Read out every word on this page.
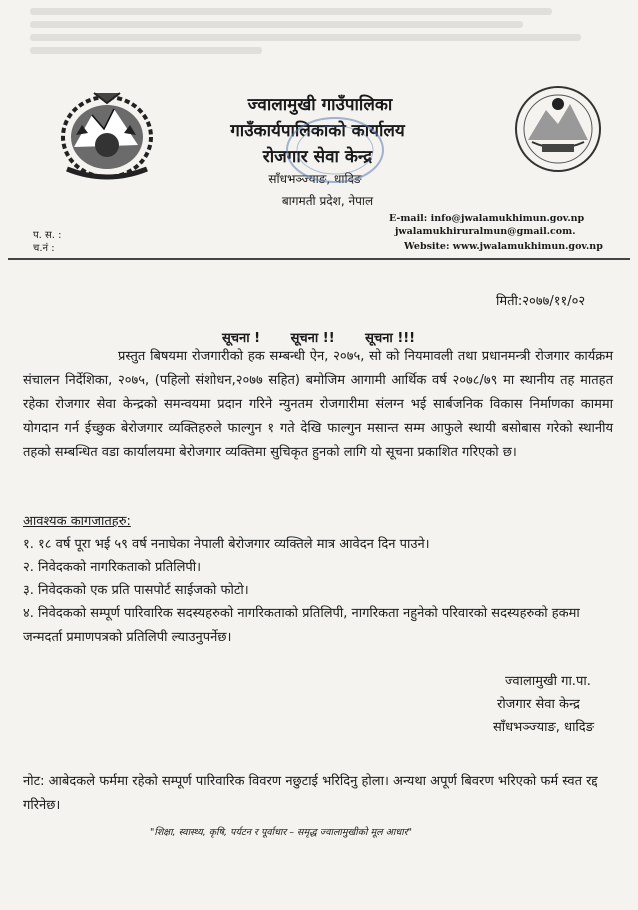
ज्वालामुखी गाउँपालिका
गाउँकार्यपालिकाको कार्यालय
रोजगार सेवा केन्द्र
साँधभञ्ज्याङ, धादिङ
बागमती प्रदेश, नेपाल
प. स. :
च.नं :
E-mail: info@jwalamukhimun.gov.np
jwalamukhiruralmun@gmail.com.
Website: www.jwalamukhimun.gov.np
मिती:२०७७/११/०२
सूचना ! सूचना !! सूचना !!!
प्रस्तुत बिषयमा रोजगारीको हक सम्बन्धी ऐन, २०७५, सो को नियमावली तथा प्रधानमन्त्री रोजगार कार्यक्रम संचालन निर्देशिका, २०७५, (पहिलो संशोधन,२०७७ सहित) बमोजिम आगामी आर्थिक वर्ष २०७८/७९ मा स्थानीय तह मातहत रहेका रोजगार सेवा केन्द्रको समन्वयमा प्रदान गरिने न्युनतम रोजगारीमा संलग्न भई सार्बजनिक विकास निर्माणका काममा योगदान गर्न ईच्छुक बेरोजगार व्यक्तिहरुले फाल्गुन १ गते देखि फाल्गुन मसान्त सम्म आफुले स्थायी बसोबास गरेको स्थानीय तहको सम्बन्धित वडा कार्यालयमा बेरोजगार व्यक्तिमा सुचिकृत हुनको लागि यो सूचना प्रकाशित गरिएको छ।
आवश्यक कागजातहरु:
१. १८ वर्ष पूरा भई ५९ वर्ष ननाघेका नेपाली बेरोजगार व्यक्तिले मात्र आवेदन दिन पाउने।
२. निवेदकको नागरिकताको प्रतिलिपी।
३. निवेदकको एक प्रति पासपोर्ट साईजको फोटो।
४. निवेदकको सम्पूर्ण पारिवारिक सदस्यहरुको नागरिकताको प्रतिलिपी, नागरिकता नहुनेको परिवारको सदस्यहरुको हकमा जन्मदर्ता प्रमाणपत्रको प्रतिलिपी ल्याउनुपर्नेछ।
ज्वालामुखी गा.पा.
रोजगार सेवा केन्द्र
साँधभञ्ज्याङ, धादिङ
नोट: आबेदकले फर्ममा रहेको सम्पूर्ण पारिवारिक विवरण नछुटाई भरिदिनु होला। अन्यथा अपूर्ण बिवरण भरिएको फर्म स्वत रद्द गरिनेछ।
"शिक्षा, स्वास्थ्य, कृषि, पर्यटन र पूर्वाधार – समृद्ध ज्वालामुखीको मूल आधार"
